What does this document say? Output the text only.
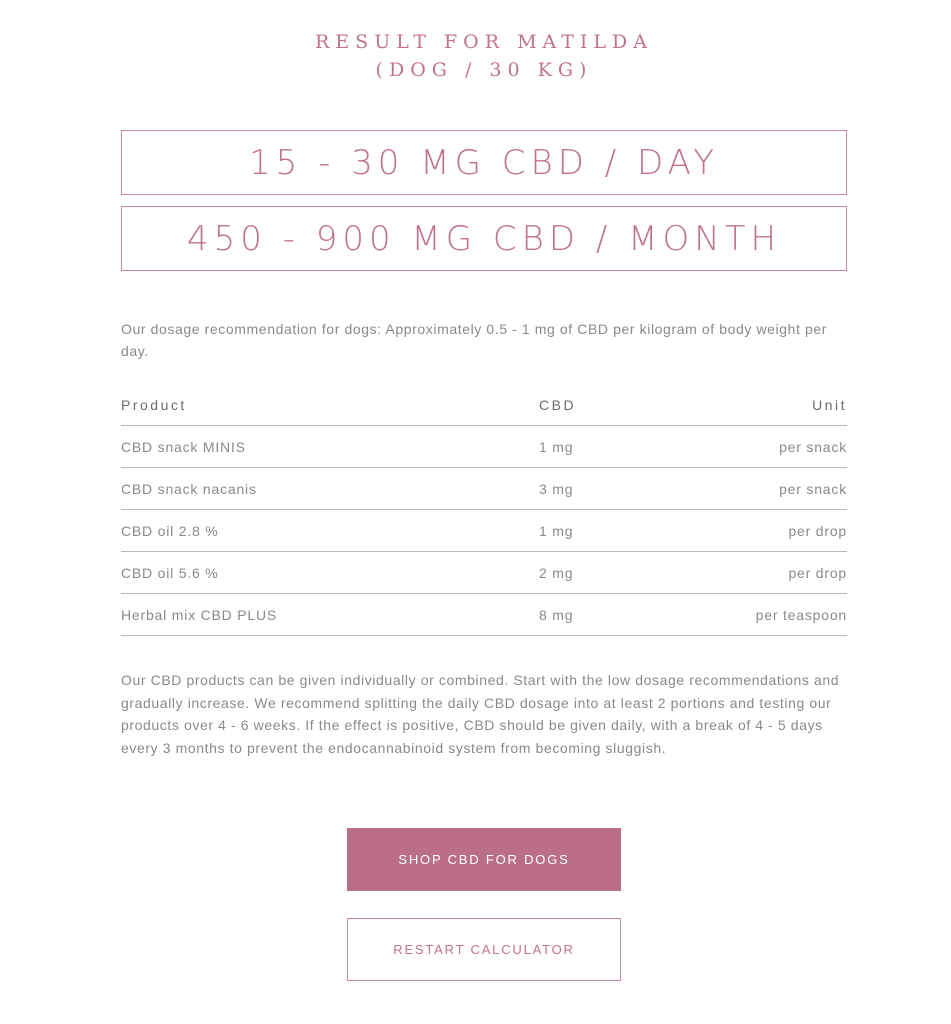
RESULT FOR MATILDA
(DOG / 30 KG)
15 - 30 MG CBD / DAY
450 - 900 MG CBD / MONTH
Our dosage recommendation for dogs: Approximately 0.5 - 1 mg of CBD per kilogram of body weight per day.
Product	CBD	Unit
CBD snack MINIS	1 mg	per snack
CBD snack nacanis	3 mg	per snack
CBD oil 2.8 %	1 mg	per drop
CBD oil 5.6 %	2 mg	per drop
Herbal mix CBD PLUS	8 mg	per teaspoon
Our CBD products can be given individually or combined. Start with the low dosage recommendations and gradually increase. We recommend splitting the daily CBD dosage into at least 2 portions and testing our products over 4 - 6 weeks. If the effect is positive, CBD should be given daily, with a break of 4 - 5 days every 3 months to prevent the endocannabinoid system from becoming sluggish.
SHOP CBD FOR DOGS
RESTART CALCULATOR
